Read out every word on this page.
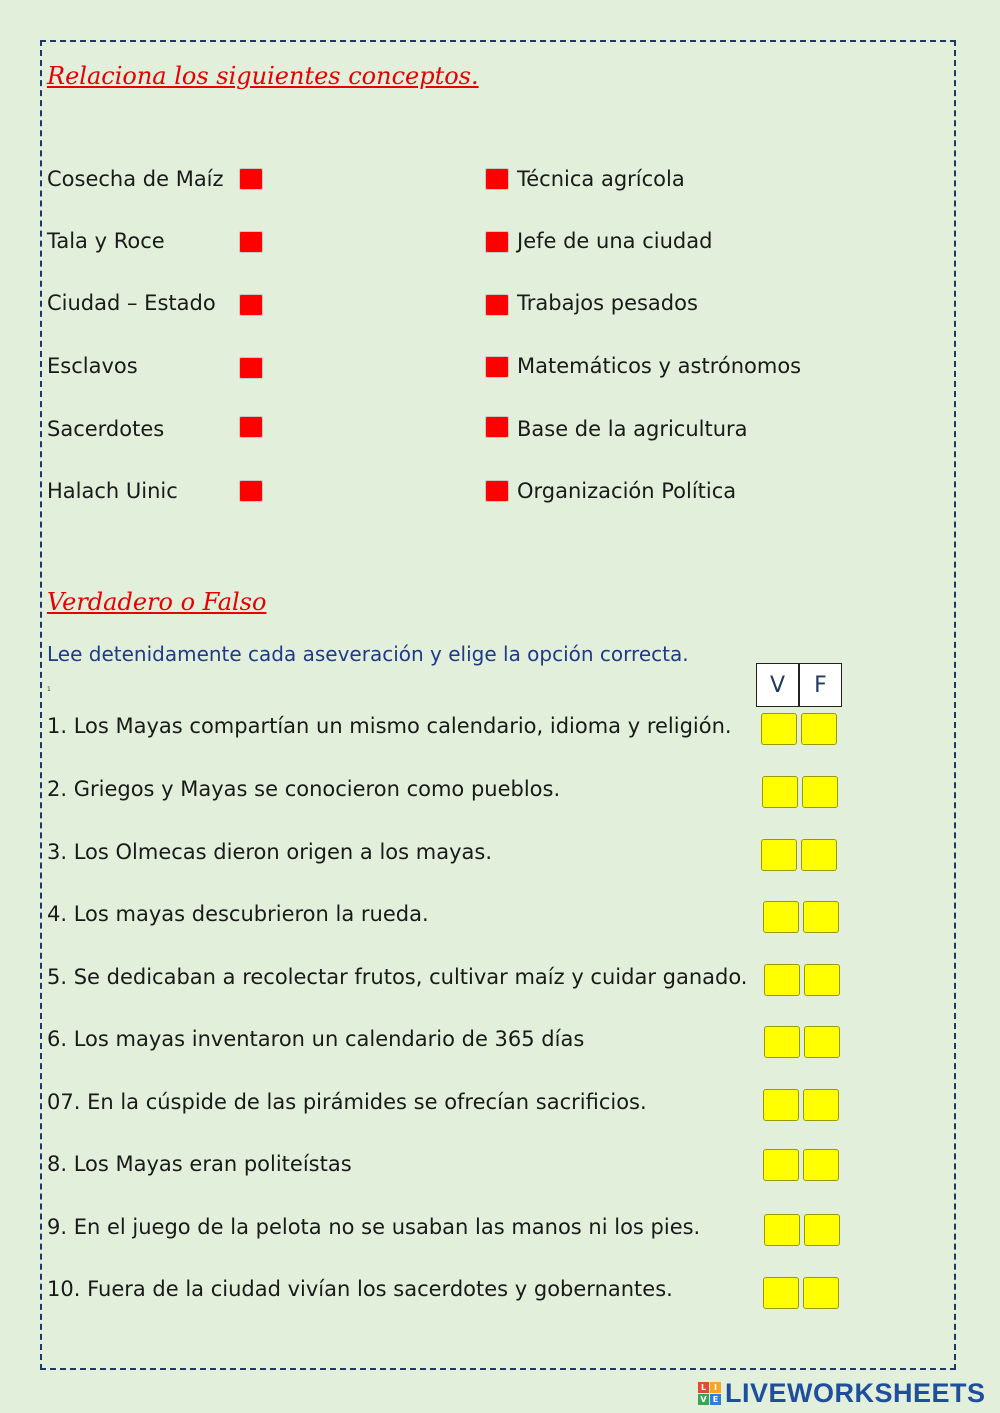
Relaciona los siguientes conceptos.
Cosecha de Maíz
Tala y Roce
Ciudad – Estado
Esclavos
Sacerdotes
Halach Uinic
Técnica agrícola
Jefe de una ciudad
Trabajos pesados
Matemáticos y astrónomos
Base de la agricultura
Organización Política
Verdadero o Falso
Lee detenidamente cada aseveración y elige la opción correcta.
1	V	F
1. Los Mayas compartían un mismo calendario, idioma y religión.
2. Griegos y Mayas se conocieron como pueblos.
3. Los Olmecas dieron origen a los mayas.
4. Los mayas descubrieron la rueda.
5. Se dedicaban a recolectar frutos, cultivar maíz y cuidar ganado.
6. Los mayas inventaron un calendario de 365 días
07. En la cúspide de las pirámides se ofrecían sacrificios.
8. Los Mayas eran politeístas
9. En el juego de la pelota no se usaban las manos ni los pies.
10. Fuera de la ciudad vivían los sacerdotes y gobernantes.
L I
V E LIVEWORKSHEETS
